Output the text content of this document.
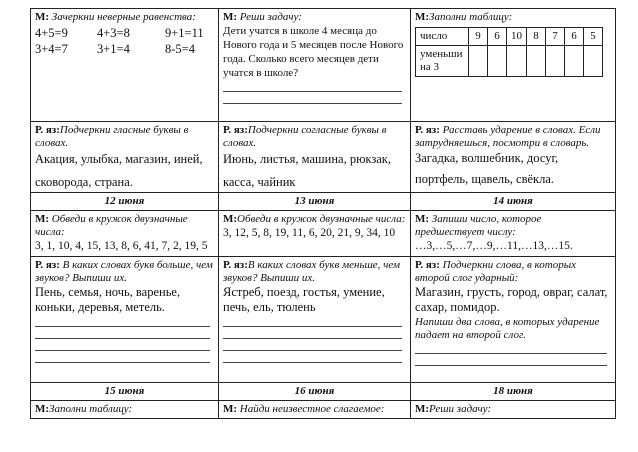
М: Зачеркни неверные равенства:
4+5=9	4+3=8	9+1=11
3+4=7	3+1=4	8-5=4

М: Реши задачу:
Дети учатся в школе 4 месяца до Нового года и 5 месяцев после Нового года. Сколько всего месяцев дети учатся в школе?

М:Заполни таблицу:
число	9	6	10	8	7	6	5
уменьши на 3							

Р. яз:Подчеркни гласные буквы в словах.
Акация, улыбка, магазин, иней,
сковорода, страна.

Р. яз:Подчеркни согласные буквы в словах.
Июнь, листья, машина, рюкзак,
касса, чайник

Р. яз: Расставь ударение в словах. Если затрудняешься, посмотри в словарь.
Загадка, волшебник, досуг,
портфель, щавель, свёкла.

12 июня	13 июня	14 июня

М: Обведи в кружок двузначные числа:
3, 1, 10, 4, 15, 13, 8, 6, 41, 7, 2, 19, 5

М:Обведи в кружок двузначные числа:
3, 12, 5, 8, 19, 11, 6, 20, 21, 9, 34, 10

М: Запиши число, которое предшествует числу:
…3,…5,…7,…9,…11,…13,…15.

Р. яз: В каких словах букв больше, чем звуков? Выпиши их.
Пень, семья, ночь, варенье, коньки, деревья, метель.

Р. яз:В каких словах букв меньше, чем звуков? Выпиши их.
Ястреб, поезд, гостья, умение, печь, ель, тюлень

Р. яз: Подчеркни слова, в которых второй слог ударный:
Магазин, грусть, город, овраг, салат, сахар, помидор.
Напиши два слова, в которых ударение падает на второй слог.

15 июня	16 июня	18 июня

М:Заполни таблицу:	М: Найди неизвестное слагаемое:	М:Реши задачу:
